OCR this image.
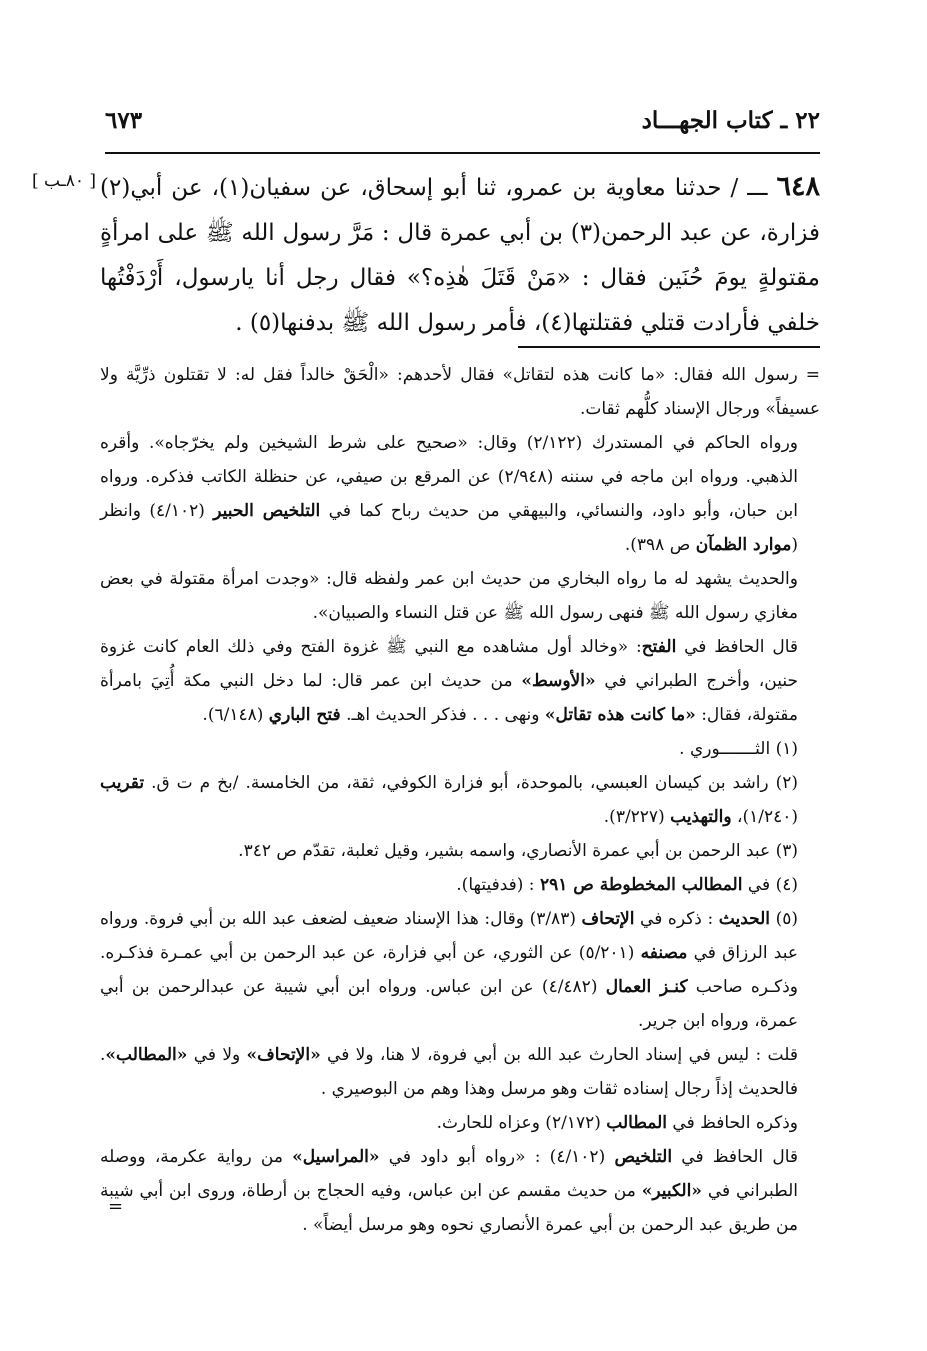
٦٧٣	٢٢ ـ كتاب الجهـــاد
[ ٨٠ـب ]	٦٤٨ ـــ / حدثنا معاوية بن عمرو، ثنا أبو إسحاق، عن سفيان(١)، عن أبي(٢) فزارة، عن عبد الرحمن(٣) بن أبي عمرة قال : مَرَّ رسول الله ﷺ على امرأةٍ مقتولةٍ يومَ حُنَين فقال : «مَنْ قَتَلَ هٰذِه؟» فقال رجل أنا يارسول، أَرْدَفْتُها خلفي فأرادت قتلي فقتلتها(٤)، فأمر رسول الله ﷺ بدفنها(٥) .

= رسول الله فقال: «ما كانت هذه لتقاتل» فقال لأحدهم: «الْحَقْ خالداً فقل له: لا تقتلون ذرِّيَّة ولا عسيفاً» ورجال الإسناد كلُّهم ثقات.

ورواه الحاكم في المستدرك (٢/١٢٢) وقال: «صحيح على شرط الشيخين ولم يخرّجاه». وأقره الذهبي. ورواه ابن ماجه في سننه (٢/٩٤٨) عن المرقع بن صيفي، عن حنظلة الكاتب فذكره. ورواه ابن حبان، وأبو داود، والنسائي، والبيهقي من حديث رباح كما في التلخيص الحبير (٤/١٠٢) وانظر (موارد الظمآن ص ٣٩٨).

والحديث يشهد له ما رواه البخاري من حديث ابن عمر ولفظه قال: «وجدت امرأة مقتولة في بعض مغازي رسول الله ﷺ فنهى رسول الله ﷺ عن قتل النساء والصبيان».

قال الحافظ في الفتح: «وخالد أول مشاهده مع النبي ﷺ غزوة الفتح وفي ذلك العام كانت غزوة حنين، وأخرج الطبراني في «الأوسط» من حديث ابن عمر قال: لما دخل النبي مكة أُتِيَ بامرأة مقتولة، فقال: «ما كانت هذه تقاتل» ونهى . . . فذكر الحديث اهـ. فتح الباري (٦/١٤٨).

(١) الثـــــــوري .

(٢) راشد بن كيسان العبسي، بالموحدة، أبو فزارة الكوفي، ثقة، من الخامسة. /بخ م ت ق. تقريب (١/٢٤٠)، والتهذيب (٣/٢٢٧).

(٣) عبد الرحمن بن أبي عمرة الأنصاري، واسمه بشير، وقيل ثعلبة، تقدّم ص ٣٤٢.

(٤) في المطالب المخطوطة ص ٢٩١ : (فدفيتها).

(٥) الحديث : ذكره في الإتحاف (٣/٨٣) وقال: هذا الإسناد ضعيف لضعف عبد الله بن أبي فروة. ورواه عبد الرزاق في مصنفه (٥/٢٠١) عن الثوري، عن أبي فزارة، عن عبد الرحمن بن أبي عمـرة فذكـره. وذكـره صاحب كنـز العمال (٤/٤٨٢) عن ابن عباس. ورواه ابن أبي شيبة عن عبدالرحمن بن أبي عمرة، ورواه ابن جرير.

قلت : ليس في إسناد الحارث عبد الله بن أبي فروة، لا هنا، ولا في «الإتحاف» ولا في «المطالب». فالحديث إذاً رجال إسناده ثقات وهو مرسل وهذا وهم من البوصيري .

وذكره الحافظ في المطالب (٢/١٧٢) وعزاه للحارث.

قال الحافظ في التلخيص (٤/١٠٢) : «رواه أبو داود في «المراسيل» من رواية عكرمة، ووصله الطبراني في «الكبير» من حديث مقسم عن ابن عباس، وفيه الحجاج بن أرطاة، وروى ابن أبي شيبة من طريق عبد الرحمن بن أبي عمرة الأنصاري نحوه وهو مرسل أيضاً» .

=
